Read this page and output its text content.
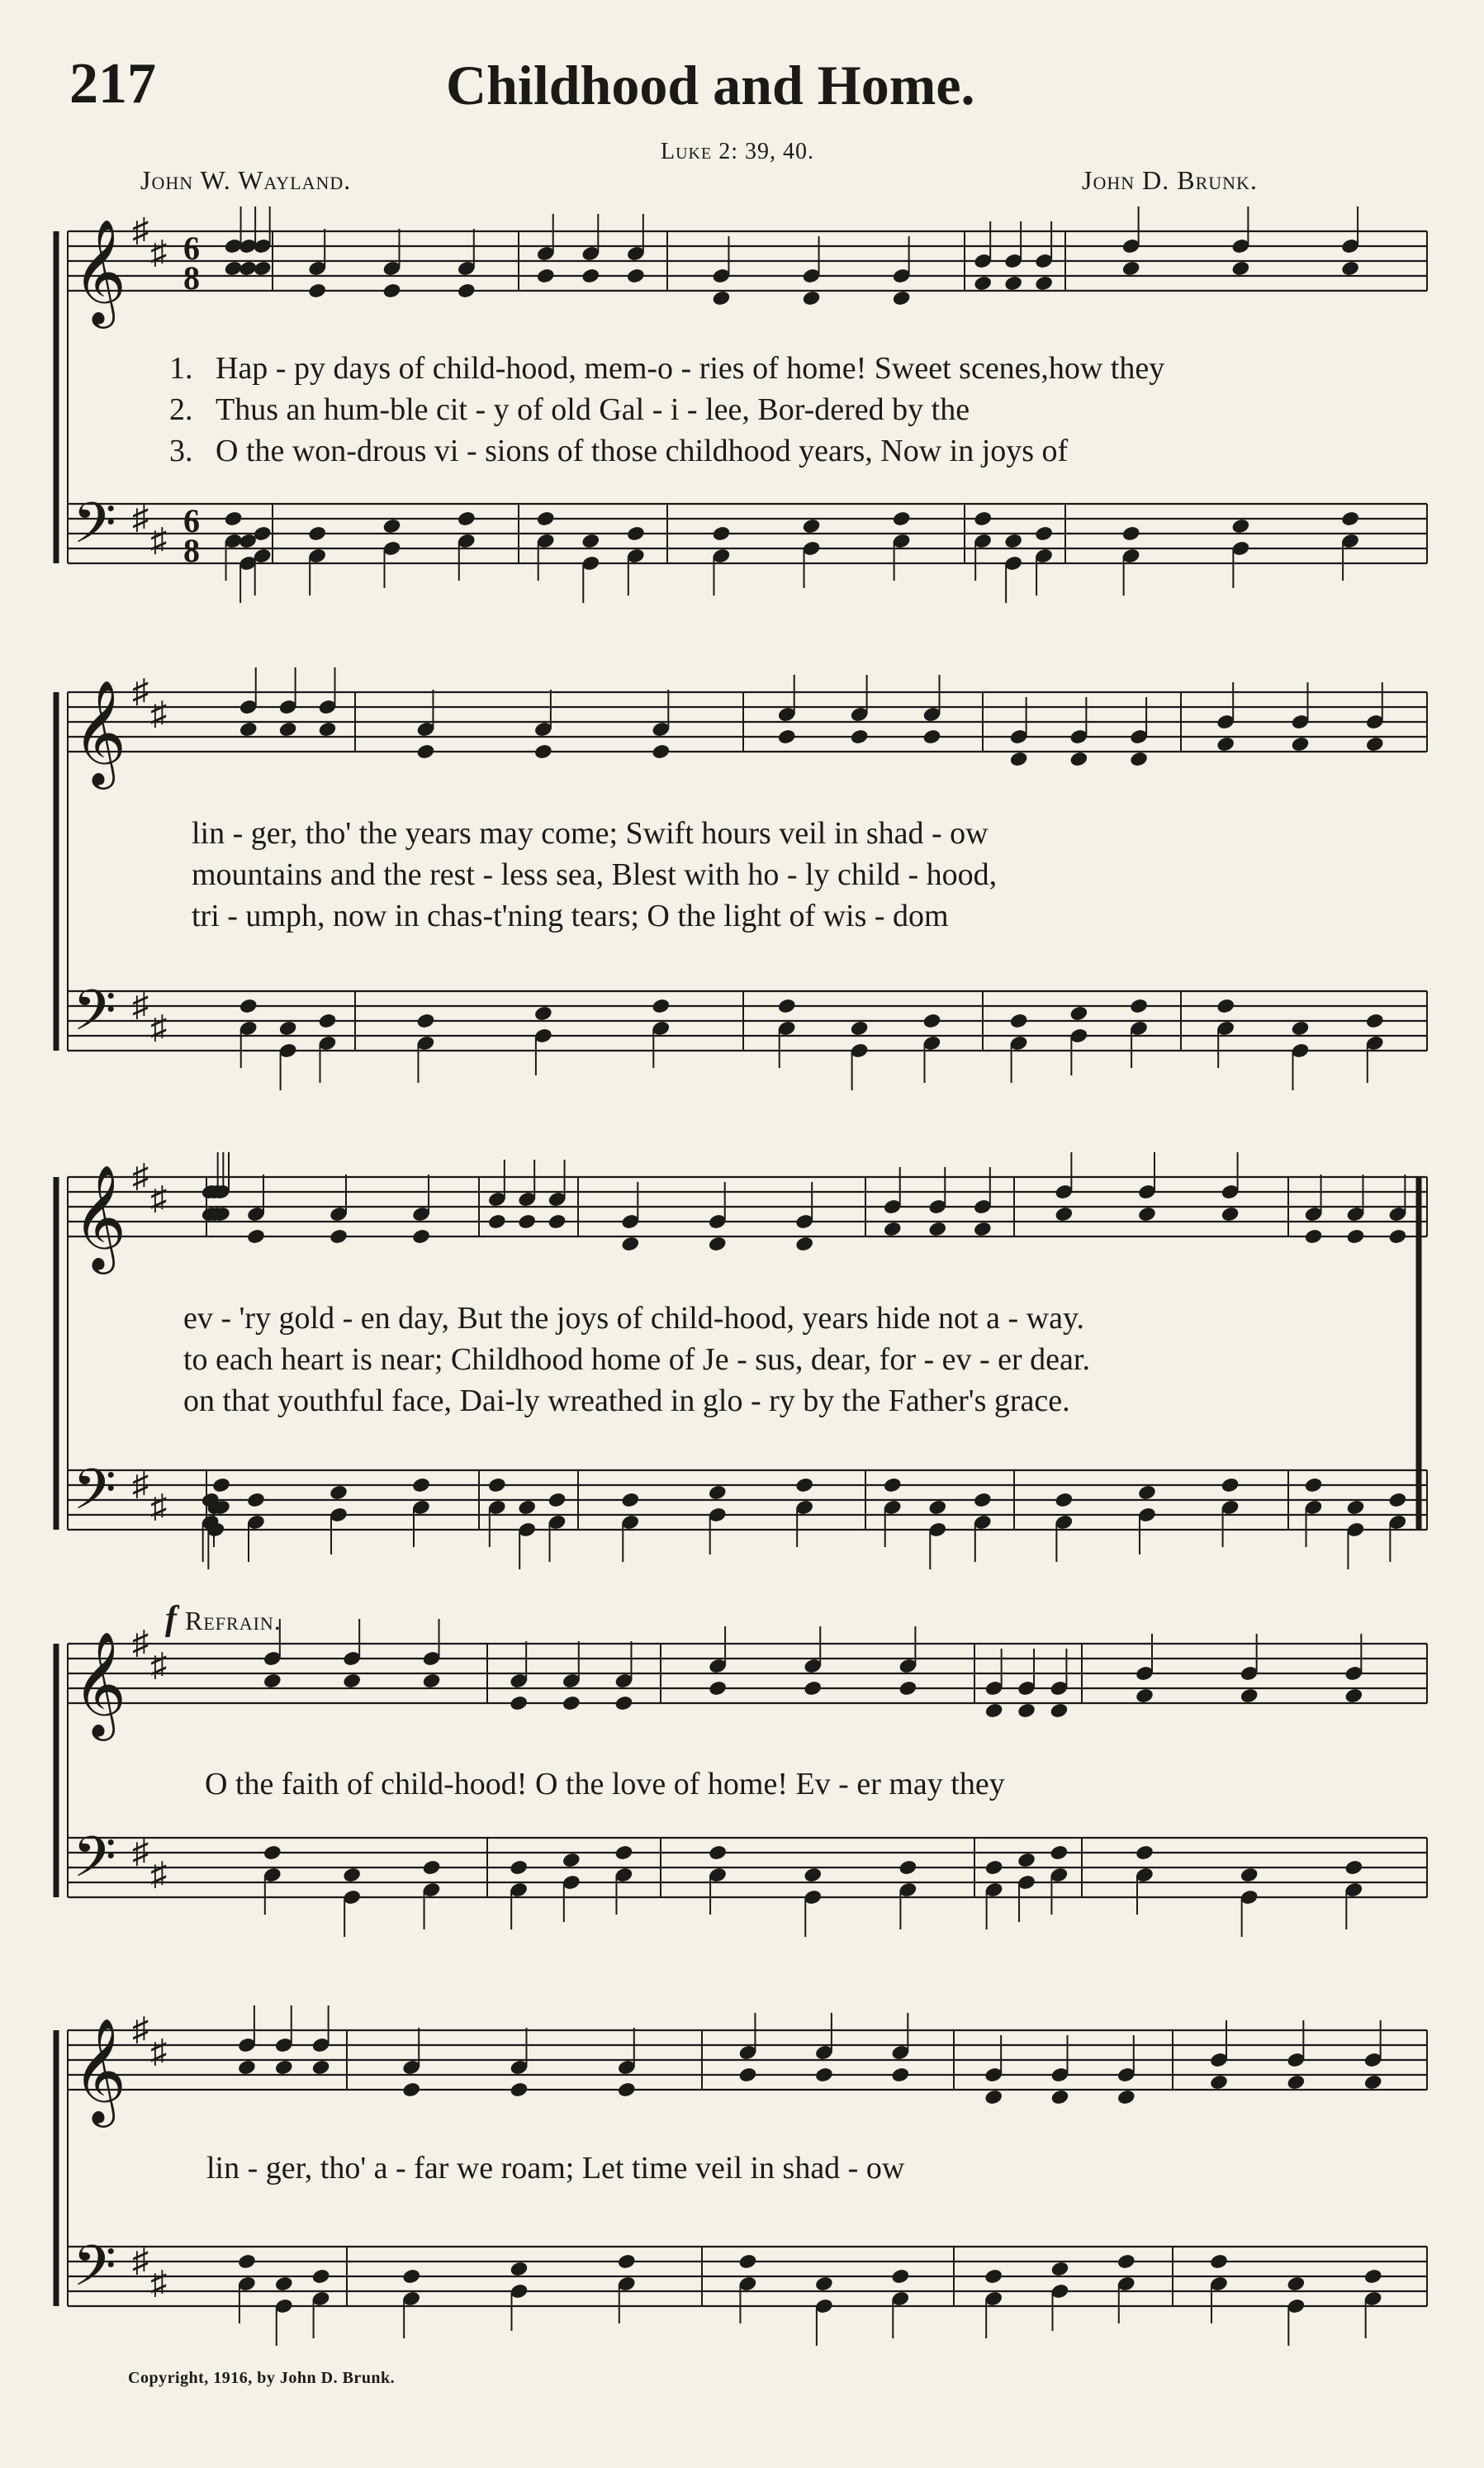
217	Childhood and Home.
Luke 2: 39, 40.
John W. Wayland.	John D. Brunk.
𝄞
𝄢
♯
♯
♯
♯
6
8
6
8
1. Hap - py days of child-hood, mem-o - ries of home! Sweet scenes,how they
2. Thus an hum-ble cit - y of old Gal - i - lee, Bor-dered by the
3. O the won-drous vi - sions of those childhood years, Now in joys of
𝄞
𝄢
♯
♯
♯
♯
lin - ger, tho' the years may come; Swift hours veil in shad - ow
mountains and the rest - less sea, Blest with ho - ly child - hood,
tri - umph, now in chas-t'ning tears; O the light of wis - dom
𝄞
𝄢
♯
♯
♯
♯
ev - 'ry gold - en day, But the joys of child-hood, years hide not a - way.
to each heart is near; Childhood home of Je - sus, dear, for - ev - er dear.
on that youthful face, Dai-ly wreathed in glo - ry by the Father's grace.
f Refrain.
𝄞
𝄢
♯
♯
♯
♯
O the faith of child-hood! O the love of home! Ev - er may they
𝄞
𝄢
♯
♯
♯
♯
lin - ger, tho' a - far we roam; Let time veil in shad - ow
Copyright, 1916, by John D. Brunk.
